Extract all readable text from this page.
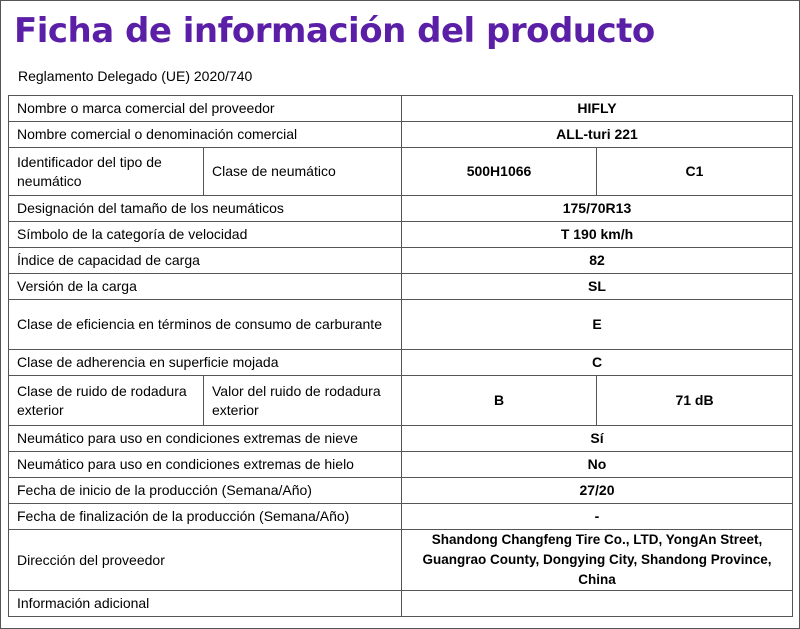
Ficha de información del producto
Reglamento Delegado (UE) 2020/740
Nombre o marca comercial del proveedor		HIFLY	
Nombre comercial o denominación comercial		ALL-turi 221	
Identificador del tipo de neumático	Clase de neumático	500H1066	C1
Designación del tamaño de los neumáticos		175/70R13	
Símbolo de la categoría de velocidad		T 190 km/h	
Índice de capacidad de carga		82	
Versión de la carga		SL	
Clase de eficiencia en términos de consumo de carburante		E	
Clase de adherencia en superficie mojada		C	
Clase de ruido de rodadura exterior	Valor del ruido de rodadura exterior	B	71 dB
Neumático para uso en condiciones extremas de nieve		Sí	
Neumático para uso en condiciones extremas de hielo		No	
Fecha de inicio de la producción (Semana/Año)		27/20	
Fecha de finalización de la producción (Semana/Año)		-	
Dirección del proveedor		Shandong Changfeng Tire Co., LTD, YongAn Street, Guangrao County, Dongying City, Shandong Province, China	
Información adicional			
